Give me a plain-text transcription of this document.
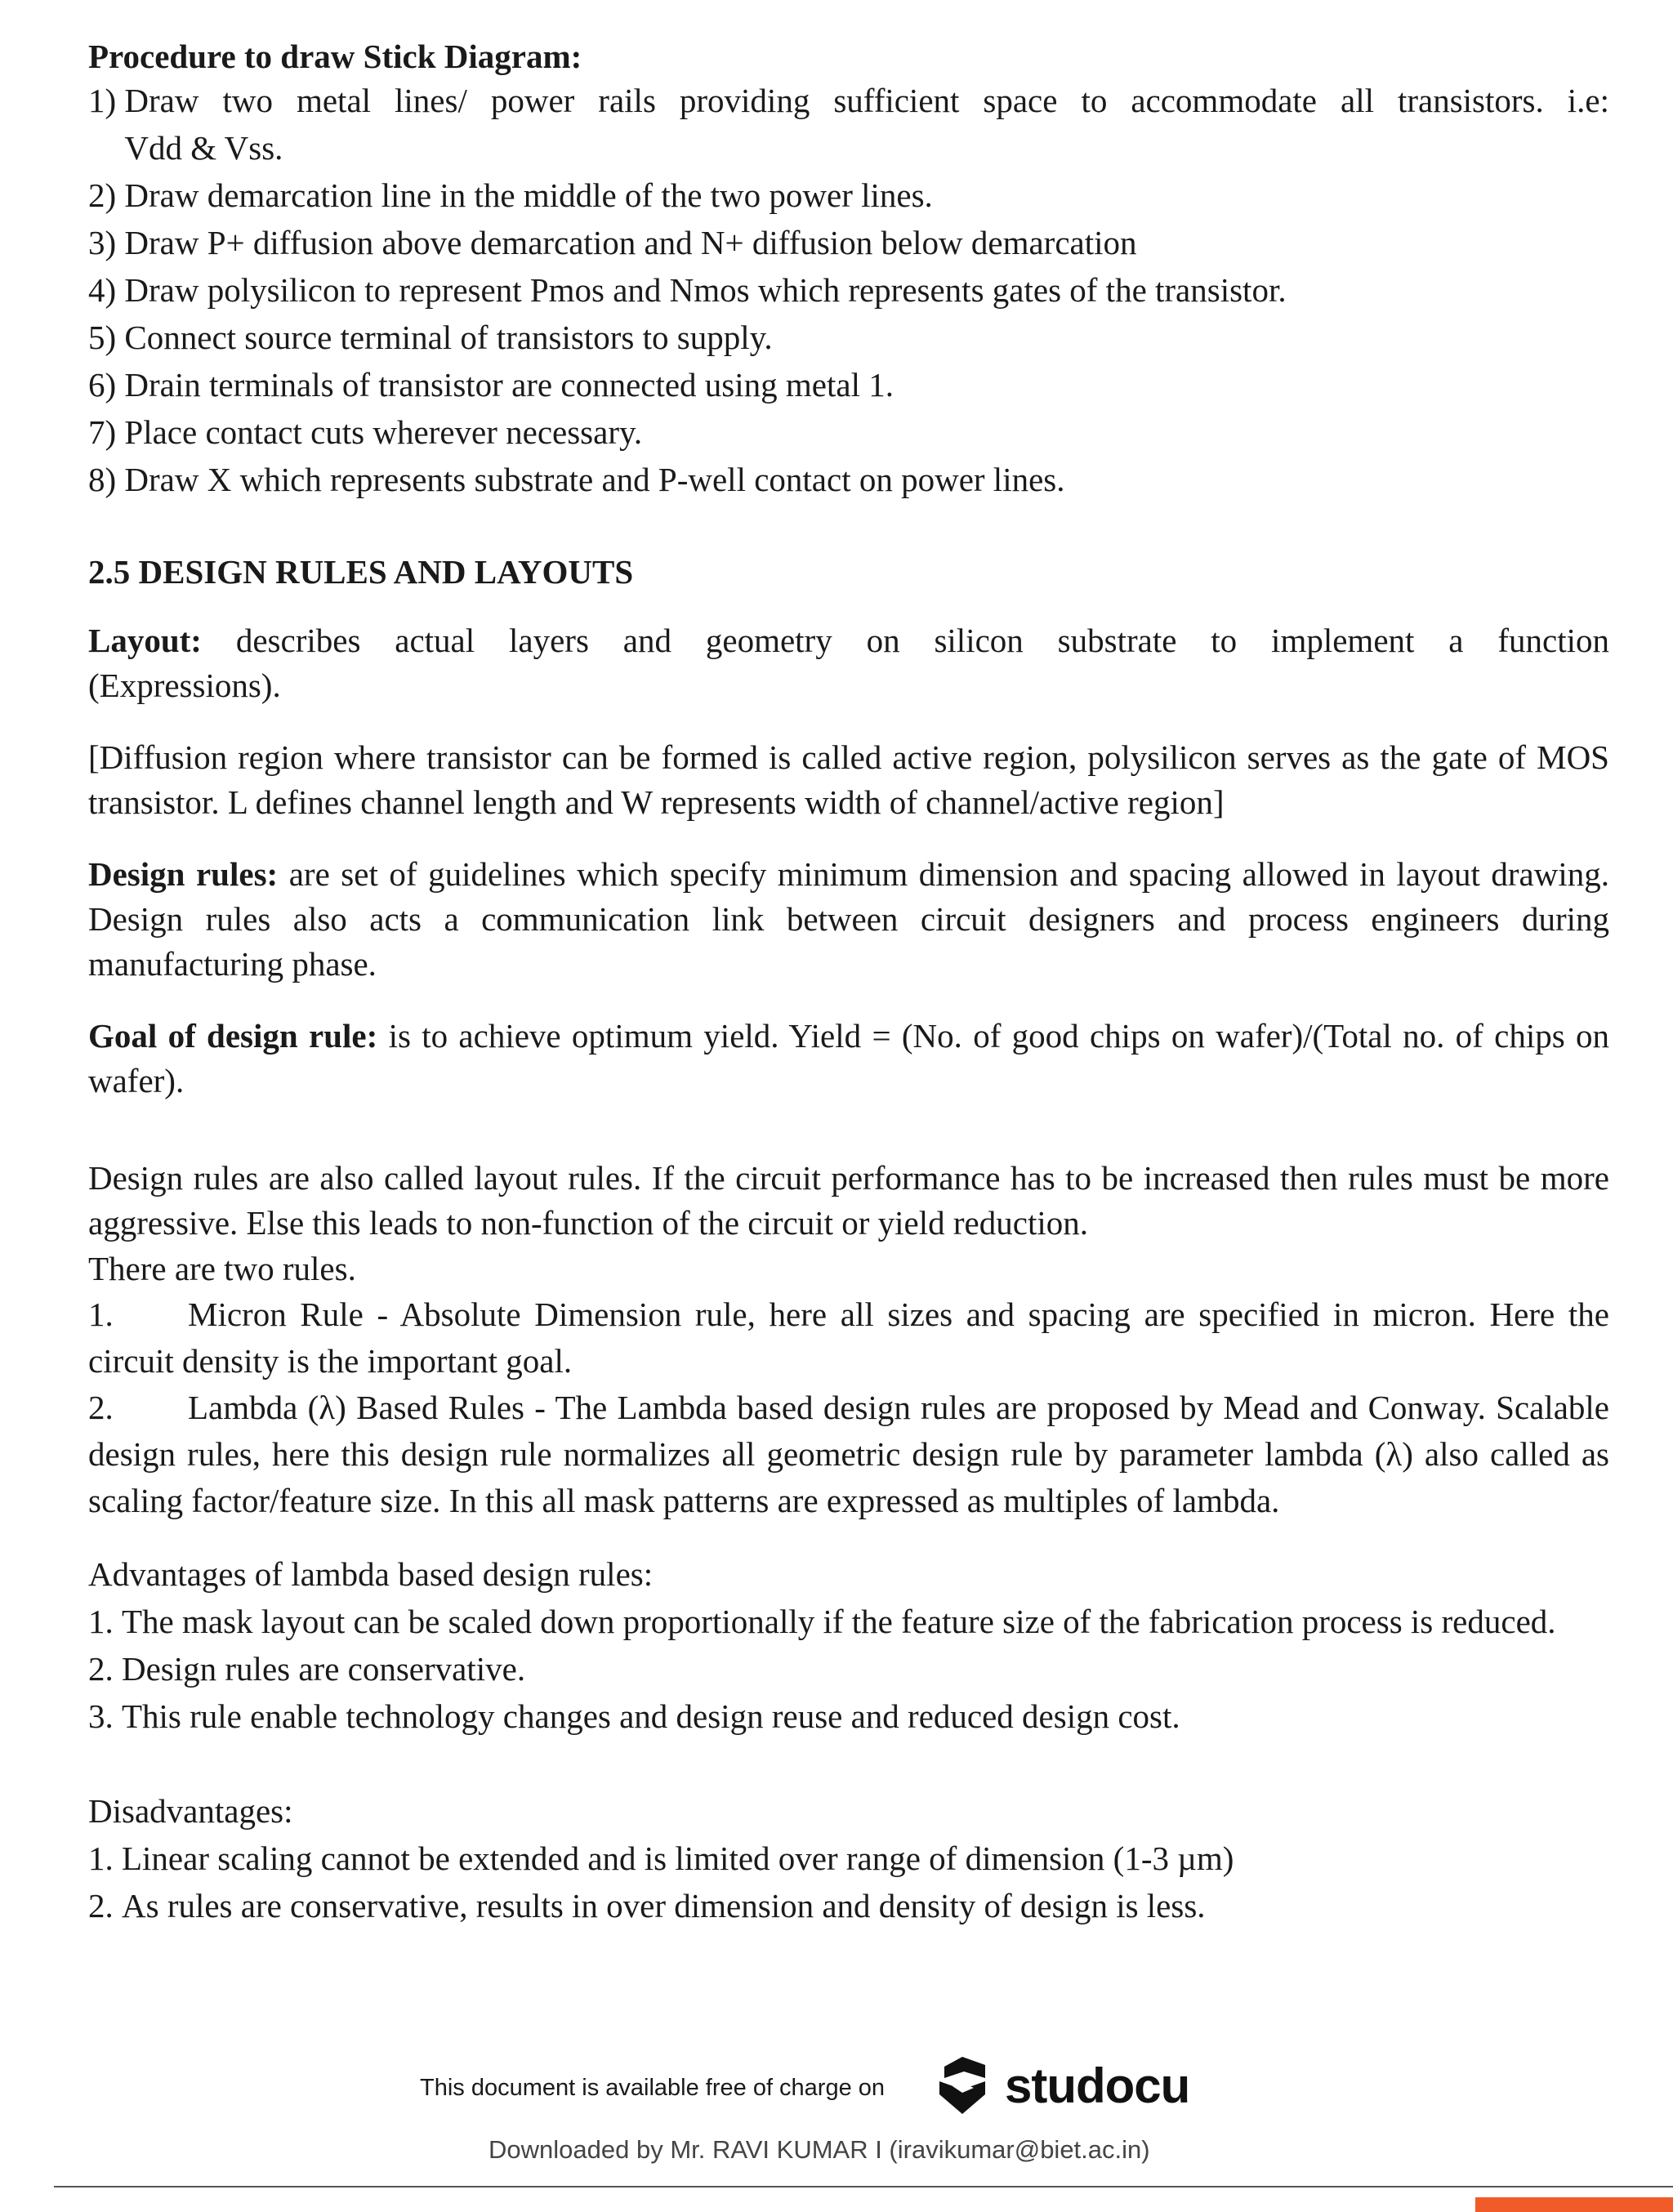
Procedure to draw Stick Diagram:
1)
Draw two metal lines/ power rails providing sufficient space to accommodate all transistors. i.e:
Vdd & Vss.
2)
Draw demarcation line in the middle of the two power lines.
3)
Draw P+ diffusion above demarcation and N+ diffusion below demarcation
4)
Draw polysilicon to represent Pmos and Nmos which represents gates of the transistor.
5)
Connect source terminal of transistors to supply.
6)
Drain terminals of transistor are connected using metal 1.
7)
Place contact cuts wherever necessary.
8)
Draw X which represents substrate and P-well contact on power lines.
2.5 DESIGN RULES AND LAYOUTS
Layout: describes actual layers and geometry on silicon substrate to implement a function
(Expressions).
[Diffusion region where transistor can be formed is called active region, polysilicon serves as the gate of MOS transistor. L defines channel length and W represents width of channel/active region]
Design rules: are set of guidelines which specify minimum dimension and spacing allowed in layout drawing. Design rules also acts a communication link between circuit designers and process engineers during manufacturing phase.
Goal of design rule: is to achieve optimum yield. Yield = (No. of good chips on wafer)/(Total no. of chips on wafer).
Design rules are also called layout rules. If the circuit performance has to be increased then rules must be more aggressive. Else this leads to non-function of the circuit or yield reduction.
There are two rules.
1. Micron Rule - Absolute Dimension rule, here all sizes and spacing are specified in micron. Here the circuit density is the important goal.
2. Lambda (λ) Based Rules - The Lambda based design rules are proposed by Mead and Conway. Scalable design rules, here this design rule normalizes all geometric design rule by parameter lambda (λ) also called as scaling factor/feature size. In this all mask patterns are expressed as multiples of lambda.
Advantages of lambda based design rules:
1.
The mask layout can be scaled down proportionally if the feature size of the fabrication process is reduced.
2.
Design rules are conservative.
3.
This rule enable technology changes and design reuse and reduced design cost.
Disadvantages:
1.
Linear scaling cannot be extended and is limited over range of dimension (1-3 µm)
2.
As rules are conservative, results in over dimension and density of design is less.
This document is available free of charge on studocu
Downloaded by Mr. RAVI KUMAR I (iravikumar@biet.ac.in)
